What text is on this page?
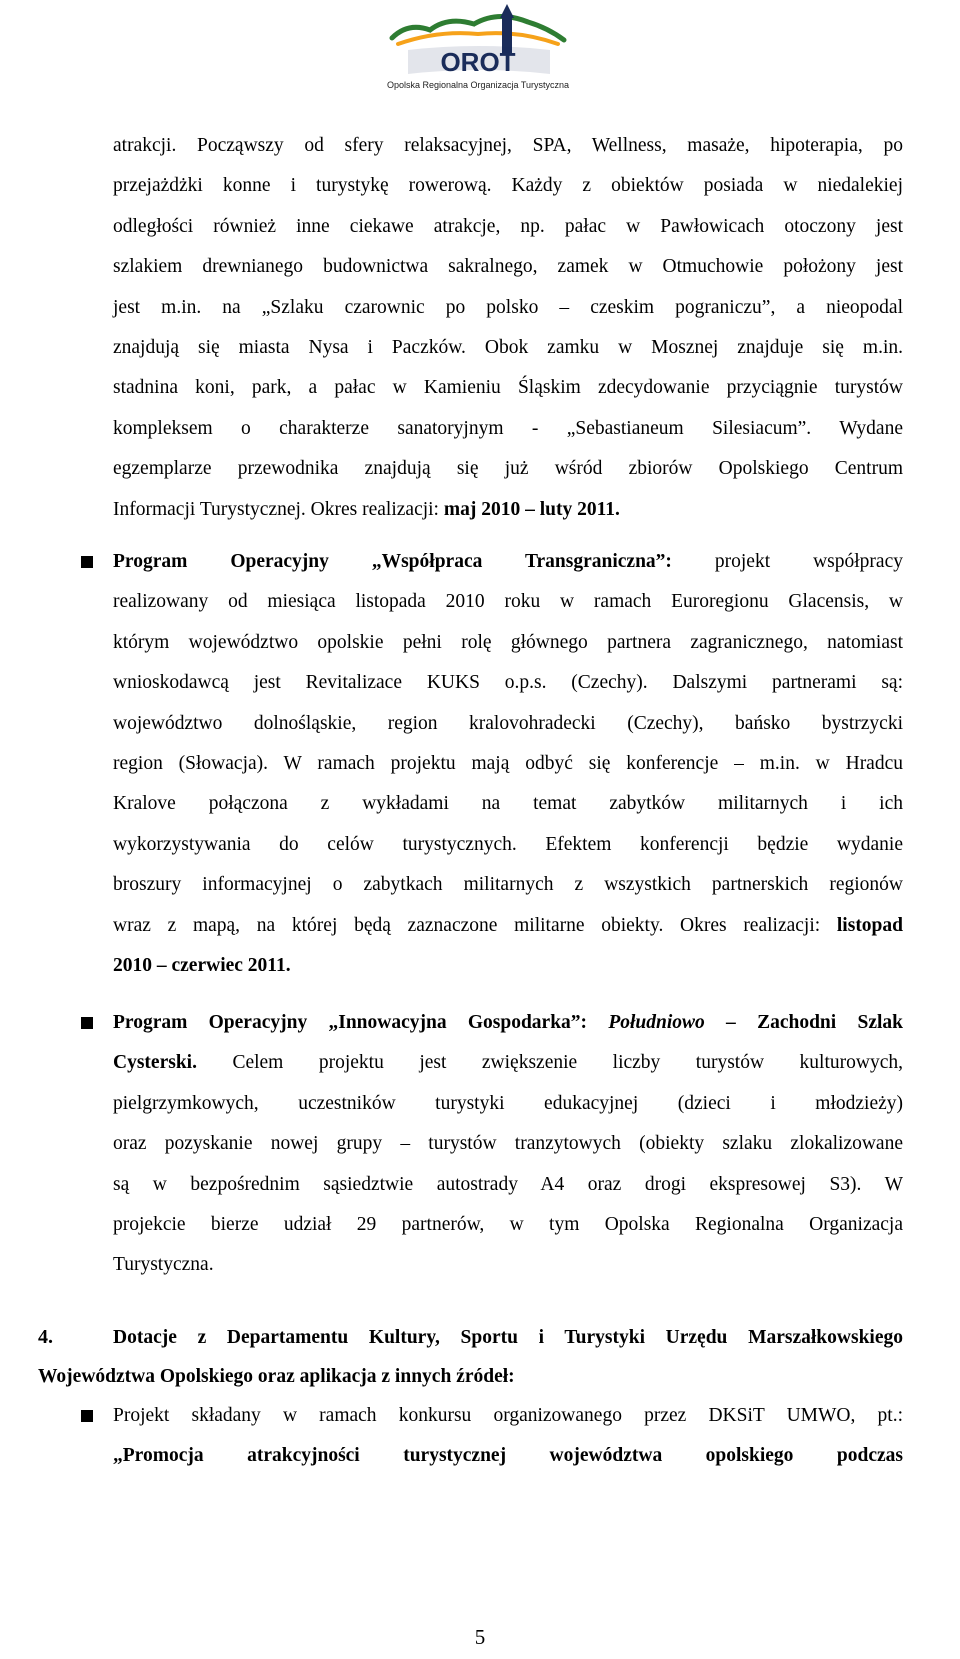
OROT
Opolska Regionalna Organizacja Turystyczna
atrakcji. Począwszy od sfery relaksacyjnej, SPA, Wellness, masaże, hipoterapia, po
przejażdżki konne i turystykę rowerową. Każdy z obiektów posiada w niedalekiej
odległości również inne ciekawe atrakcje, np. pałac w Pawłowicach otoczony jest
szlakiem drewnianego budownictwa sakralnego, zamek w Otmuchowie położony jest
jest m.in. na „Szlaku czarownic po polsko – czeskim pograniczu”, a nieopodal
znajdują się miasta Nysa i Paczków. Obok zamku w Mosznej znajduje się m.in.
stadnina koni, park, a pałac w Kamieniu Śląskim zdecydowanie przyciągnie turystów
kompleksem o charakterze sanatoryjnym - „Sebastianeum Silesiacum”. Wydane
egzemplarze przewodnika znajdują się już wśród zbiorów Opolskiego Centrum
Informacji Turystycznej. Okres realizacji: maj 2010 – luty 2011.
Program Operacyjny „Współpraca Transgraniczna”: projekt współpracy
realizowany od miesiąca listopada 2010 roku w ramach Euroregionu Glacensis, w
którym województwo opolskie pełni rolę głównego partnera zagranicznego, natomiast
wnioskodawcą jest Revitalizace KUKS o.p.s. (Czechy). Dalszymi partnerami są:
województwo dolnośląskie, region kralovohradecki (Czechy), bańsko bystrzycki
region (Słowacja). W ramach projektu mają odbyć się konferencje – m.in. w Hradcu
Kralove połączona z wykładami na temat zabytków militarnych i ich
wykorzystywania do celów turystycznych. Efektem konferencji będzie wydanie
broszury informacyjnej o zabytkach militarnych z wszystkich partnerskich regionów
wraz z mapą, na której będą zaznaczone militarne obiekty. Okres realizacji: listopad
2010 – czerwiec 2011.
Program Operacyjny „Innowacyjna Gospodarka”: Południowo – Zachodni Szlak
Cysterski. Celem projektu jest zwiększenie liczby turystów kulturowych,
pielgrzymkowych, uczestników turystyki edukacyjnej (dzieci i młodzieży)
oraz pozyskanie nowej grupy – turystów tranzytowych (obiekty szlaku zlokalizowane
są w bezpośrednim sąsiedztwie autostrady A4 oraz drogi ekspresowej S3). W
projekcie bierze udział 29 partnerów, w tym Opolska Regionalna Organizacja
Turystyczna.
4.	Dotacje z Departamentu Kultury, Sportu i Turystyki Urzędu Marszałkowskiego
Województwa Opolskiego oraz aplikacja z innych źródeł:
Projekt składany w ramach konkursu organizowanego przez DKSiT UMWO, pt.:
„Promocja atrakcyjności turystycznej województwa opolskiego podczas
5
